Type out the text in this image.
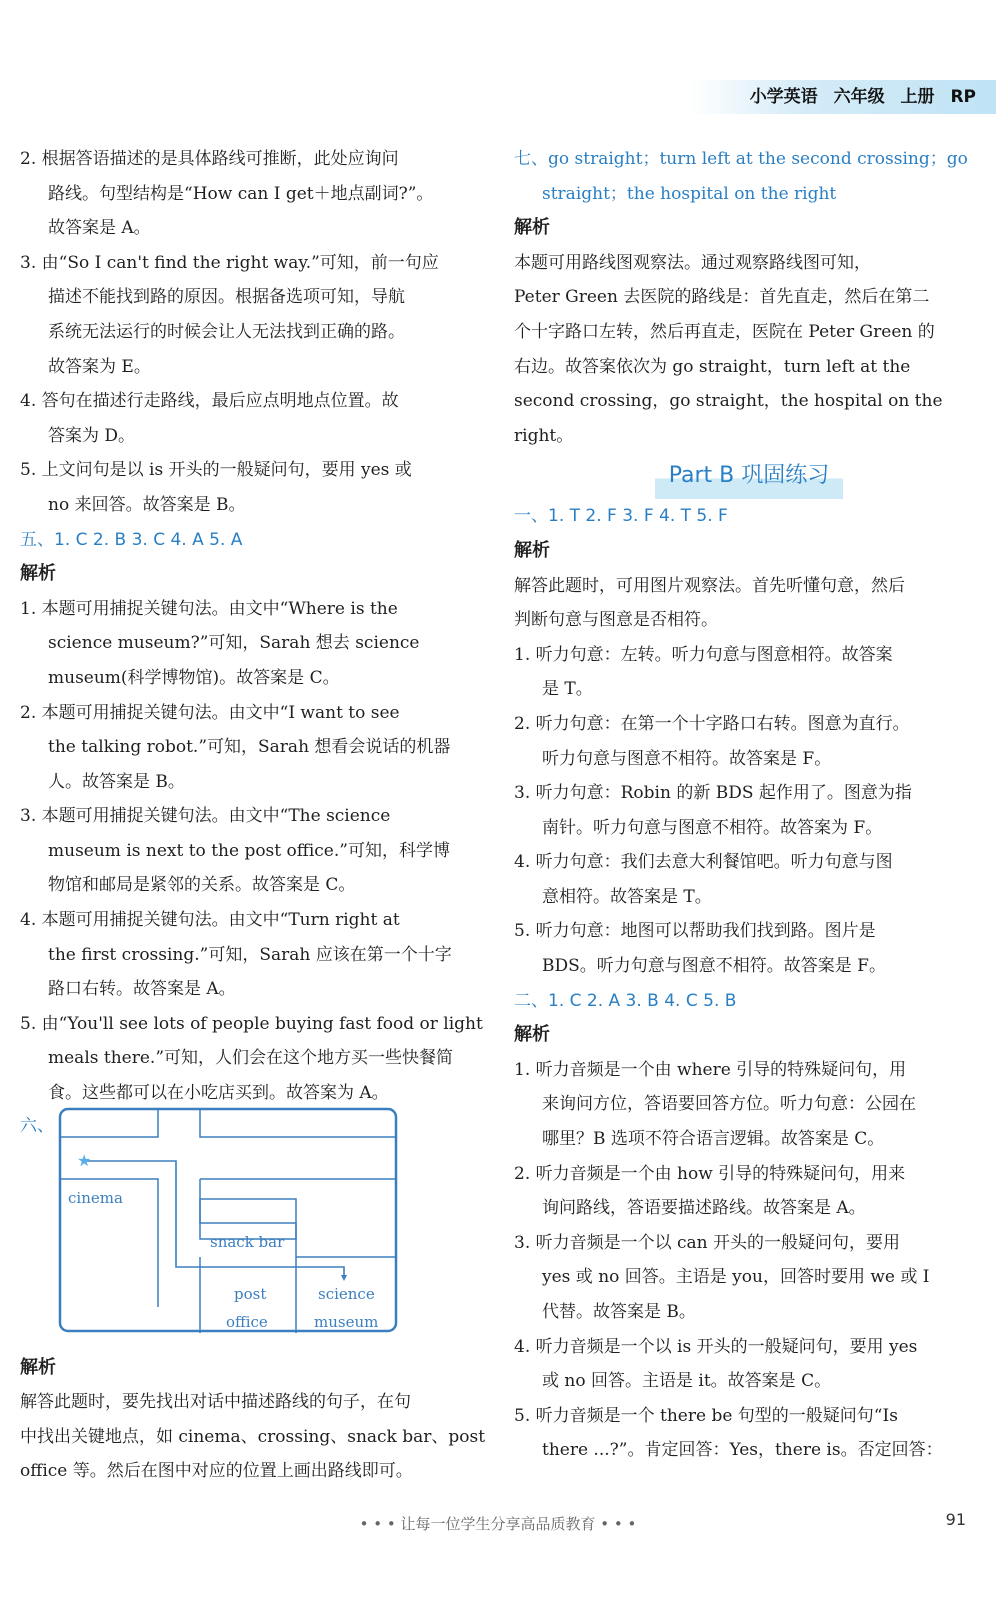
小学英语 六年级 上册 RP
2. 根据答语描述的是具体路线可推断，此处应询问
路线。句型结构是“How can I get＋地点副词?”。
故答案是 A。
3. 由“So I can't find the right way.”可知，前一句应
描述不能找到路的原因。根据备选项可知，导航
系统无法运行的时候会让人无法找到正确的路。
故答案为 E。
4. 答句在描述行走路线，最后应点明地点位置。故
答案为 D。
5. 上文问句是以 is 开头的一般疑问句，要用 yes 或
no 来回答。故答案是 B。
五、1. C 2. B 3. C 4. A 5. A
解析
1. 本题可用捕捉关键句法。由文中“Where is the
science museum?”可知，Sarah 想去 science
museum(科学博物馆)。故答案是 C。
2. 本题可用捕捉关键句法。由文中“I want to see
the talking robot.”可知，Sarah 想看会说话的机器
人。故答案是 B。
3. 本题可用捕捉关键句法。由文中“The science
museum is next to the post office.”可知，科学博
物馆和邮局是紧邻的关系。故答案是 C。
4. 本题可用捕捉关键句法。由文中“Turn right at
the first crossing.”可知，Sarah 应该在第一个十字
路口右转。故答案是 A。
5. 由“You'll see lots of people buying fast food or light
meals there.”可知，人们会在这个地方买一些快餐简
食。这些都可以在小吃店买到。故答案为 A。
六、
★
cinema
snack bar
post
office
science
museum
解析
解答此题时，要先找出对话中描述路线的句子，在句
中找出关键地点，如 cinema、crossing、snack bar、post
office 等。然后在图中对应的位置上画出路线即可。
七、go straight；turn left at the second crossing；go
straight；the hospital on the right
解析
本题可用路线图观察法。通过观察路线图可知，
Peter Green 去医院的路线是：首先直走，然后在第二
个十字路口左转，然后再直走，医院在 Peter Green 的
右边。故答案依次为 go straight，turn left at the
second crossing，go straight，the hospital on the
right。
Part B 巩固练习
一、1. T 2. F 3. F 4. T 5. F
解析
解答此题时，可用图片观察法。首先听懂句意，然后
判断句意与图意是否相符。
1. 听力句意：左转。听力句意与图意相符。故答案
是 T。
2. 听力句意：在第一个十字路口右转。图意为直行。
听力句意与图意不相符。故答案是 F。
3. 听力句意：Robin 的新 BDS 起作用了。图意为指
南针。听力句意与图意不相符。故答案为 F。
4. 听力句意：我们去意大利餐馆吧。听力句意与图
意相符。故答案是 T。
5. 听力句意：地图可以帮助我们找到路。图片是
BDS。听力句意与图意不相符。故答案是 F。
二、1. C 2. A 3. B 4. C 5. B
解析
1. 听力音频是一个由 where 引导的特殊疑问句，用
来询问方位，答语要回答方位。听力句意：公园在
哪里？B 选项不符合语言逻辑。故答案是 C。
2. 听力音频是一个由 how 引导的特殊疑问句，用来
询问路线，答语要描述路线。故答案是 A。
3. 听力音频是一个以 can 开头的一般疑问句，要用
yes 或 no 回答。主语是 you，回答时要用 we 或 I
代替。故答案是 B。
4. 听力音频是一个以 is 开头的一般疑问句，要用 yes
或 no 回答。主语是 it。故答案是 C。
5. 听力音频是一个 there be 句型的一般疑问句“Is
there ...?”。肯定回答：Yes，there is。否定回答：
• • • 让每一位学生分享高品质教育 • • •	91
